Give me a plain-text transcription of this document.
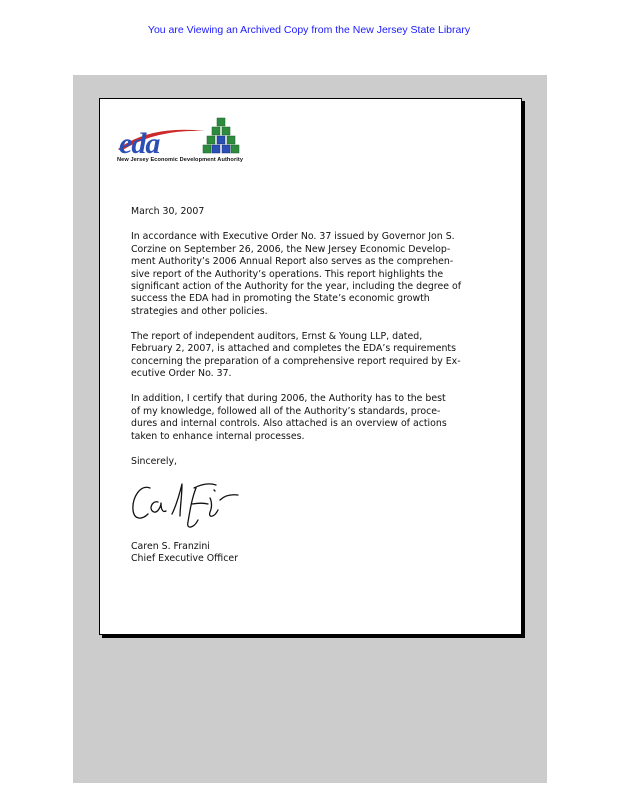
You are Viewing an Archived Copy from the New Jersey State Library
eda
New Jersey Economic Development Authority

March 30, 2007

In accordance with Executive Order No. 37 issued by Governor Jon S.
Corzine on September 26, 2006, the New Jersey Economic Develop-
ment Authority’s 2006 Annual Report also serves as the comprehen-
sive report of the Authority’s operations. This report highlights the
significant action of the Authority for the year, including the degree of
success the EDA had in promoting the State’s economic growth
strategies and other policies.

The report of independent auditors, Ernst & Young LLP, dated,
February 2, 2007, is attached and completes the EDA’s requirements
concerning the preparation of a comprehensive report required by Ex-
ecutive Order No. 37.

In addition, I certify that during 2006, the Authority has to the best
of my knowledge, followed all of the Authority’s standards, proce-
dures and internal controls. Also attached is an overview of actions
taken to enhance internal processes.

Sincerely,

Caren S. Franzini
Chief Executive Officer
